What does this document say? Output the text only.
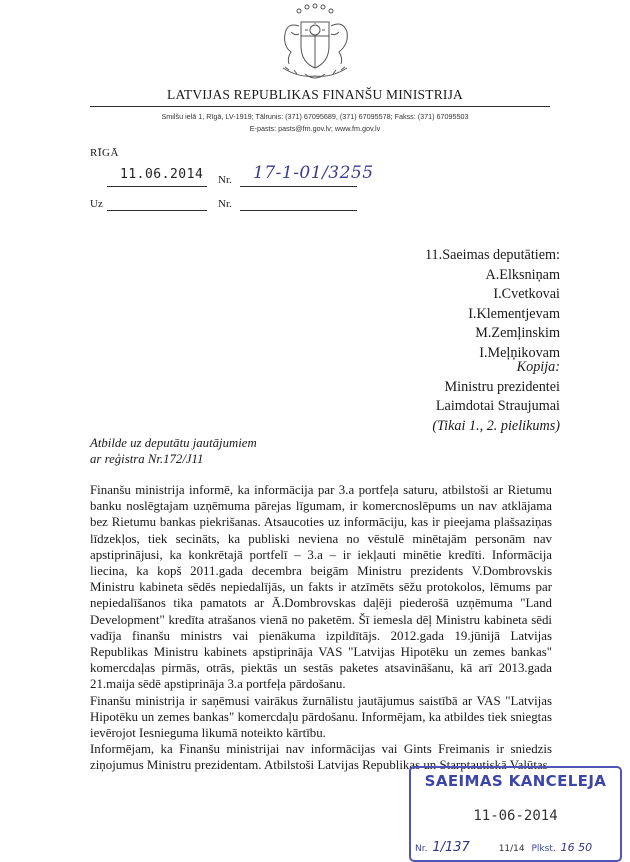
LATVIJAS REPUBLIKAS FINANŠU MINISTRIJA
Smilšu ielā 1, Rīgā, LV-1919; Tālrunis: (371) 67095689, (371) 67095578; Fakss: (371) 67095503
E-pasts: pasts@fm.gov.lv; www.fm.gov.lv
RĪGĀ
11.06.2014 Nr. 17-1-01/3255
Uz	Nr.
11.Saeimas deputātiem:
A.Elksniņam
I.Cvetkovai
I.Klementjevam
M.Zemļinskim
I.Meļņikovam
Kopija:
Ministru prezidentei
Laimdotai Straujumai
(Tikai 1., 2. pielikums)
Atbilde uz deputātu jautājumiem
ar reģistra Nr.172/J11

Finanšu ministrija informē, ka informācija par 3.a portfeļa saturu, atbilstoši ar Rietumu banku noslēgtajam uzņēmuma pārejas līgumam, ir komercnoslēpums un nav atklājama bez Rietumu bankas piekrišanas. Atsaucoties uz informāciju, kas ir pieejama plašsaziņas līdzekļos, tiek secināts, ka publiski neviena no vēstulē minētajām personām nav apstiprinājusi, ka konkrētajā portfelī – 3.a – ir iekļauti minētie kredīti. Informācija liecina, ka kopš 2011.gada decembra beigām Ministru prezidents V.Dombrovskis Ministru kabineta sēdēs nepiedalījās, un fakts ir atzīmēts sēžu protokolos, lēmums par nepiedalīšanos tika pamatots ar Ā.Dombrovskas daļēji piederošā uzņēmuma "Land Development" kredīta atrašanos vienā no paketēm. Šī iemesla dēļ Ministru kabineta sēdi vadīja finanšu ministrs vai pienākuma izpildītājs. 2012.gada 19.jūnijā Latvijas Republikas Ministru kabinets apstiprināja VAS "Latvijas Hipotēku un zemes bankas" komercdaļas pirmās, otrās, piektās un sestās paketes atsavināšanu, kā arī 2013.gada 21.maija sēdē apstiprināja 3.a portfeļa pārdošanu.

Finanšu ministrija ir saņēmusi vairākus žurnālistu jautājumus saistībā ar VAS "Latvijas Hipotēku un zemes bankas" komercdaļu pārdošanu. Informējam, ka atbildes tiek sniegtas ievērojot Iesnieguma likumā noteikto kārtību.

Informējam, ka Finanšu ministrijai nav informācijas vai Gints Freimanis ir sniedzis ziņojumus Ministru prezidentam. Atbilstoši Latvijas Republikas un Starptautiskā Valūtas

SAEIMAS KANCELEJA
11-06-2014
Nr. 1/137	11/14 Plkst. 16 50
